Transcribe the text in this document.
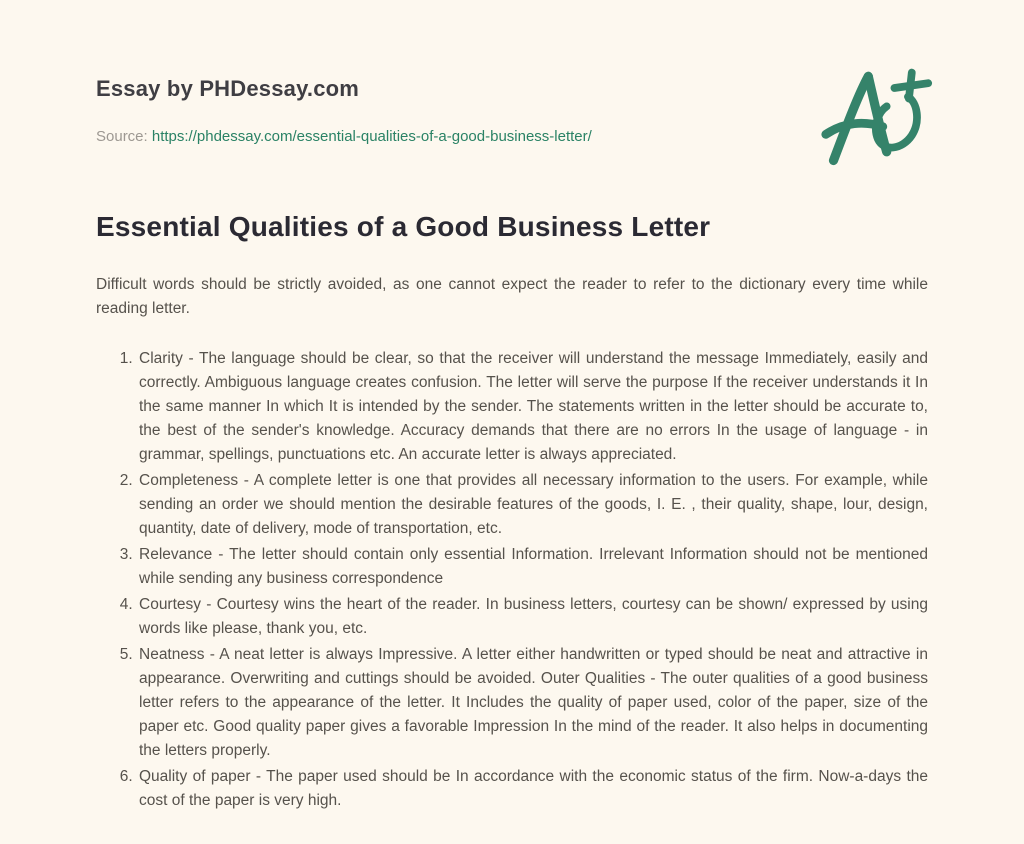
Essay by PHDessay.com

Source: https://phdessay.com/essential-qualities-of-a-good-business-letter/

Essential Qualities of a Good Business Letter

Difficult words should be strictly avoided, as one cannot expect the reader to refer to the dictionary every time while reading letter.

1. Clarity - The language should be clear, so that the receiver will understand the message Immediately, easily and correctly. Ambiguous language creates confusion. The letter will serve the purpose If the receiver understands it In the same manner In which It is intended by the sender. The statements written in the letter should be accurate to, the best of the sender's knowledge. Accuracy demands that there are no errors In the usage of language - in grammar, spellings, punctuations etc. An accurate letter is always appreciated.
2. Completeness - A complete letter is one that provides all necessary information to the users. For example, while sending an order we should mention the desirable features of the goods, I. E. , their quality, shape, lour, design, quantity, date of delivery, mode of transportation, etc.
3. Relevance - The letter should contain only essential Information. Irrelevant Information should not be mentioned while sending any business correspondence
4. Courtesy - Courtesy wins the heart of the reader. In business letters, courtesy can be shown/ expressed by using words like please, thank you, etc.
5. Neatness - A neat letter is always Impressive. A letter either handwritten or typed should be neat and attractive in appearance. Overwriting and cuttings should be avoided. Outer Qualities - The outer qualities of a good business letter refers to the appearance of the letter. It Includes the quality of paper used, color of the paper, size of the paper etc. Good quality paper gives a favorable Impression In the mind of the reader. It also helps in documenting the letters properly.
6. Quality of paper - The paper used should be In accordance with the economic status of the firm. Now-a-days the cost of the paper is very high.
